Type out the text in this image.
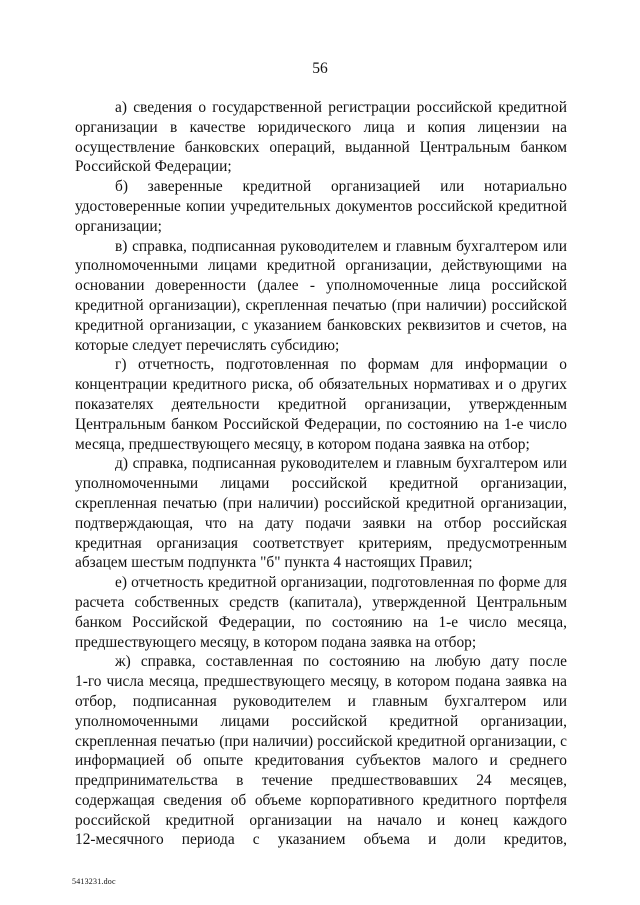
56
а) сведения о государственной регистрации российской кредитной
организации в качестве юридического лица и копия лицензии на
осуществление банковских операций, выданной Центральным банком
Российской Федерации;
б) заверенные кредитной организацией или нотариально
удостоверенные копии учредительных документов российской кредитной
организации;
в) справка, подписанная руководителем и главным бухгалтером или
уполномоченными лицами кредитной организации, действующими на
основании доверенности (далее - уполномоченные лица российской
кредитной организации), скрепленная печатью (при наличии) российской
кредитной организации, с указанием банковских реквизитов и счетов, на
которые следует перечислять субсидию;
г) отчетность, подготовленная по формам для информации о
концентрации кредитного риска, об обязательных нормативах и о других
показателях деятельности кредитной организации, утвержденным
Центральным банком Российской Федерации, по состоянию на 1-е число
месяца, предшествующего месяцу, в котором подана заявка на отбор;
д) справка, подписанная руководителем и главным бухгалтером или
уполномоченными лицами российской кредитной организации,
скрепленная печатью (при наличии) российской кредитной организации,
подтверждающая, что на дату подачи заявки на отбор российская
кредитная организация соответствует критериям, предусмотренным
абзацем шестым подпункта "б" пункта 4 настоящих Правил;
е) отчетность кредитной организации, подготовленная по форме для
расчета собственных средств (капитала), утвержденной Центральным
банком Российской Федерации, по состоянию на 1-е число месяца,
предшествующего месяцу, в котором подана заявка на отбор;
ж) справка, составленная по состоянию на любую дату после
1-го числа месяца, предшествующего месяцу, в котором подана заявка на
отбор, подписанная руководителем и главным бухгалтером или
уполномоченными лицами российской кредитной организации,
скрепленная печатью (при наличии) российской кредитной организации, с
информацией об опыте кредитования субъектов малого и среднего
предпринимательства в течение предшествовавших 24 месяцев,
содержащая сведения об объеме корпоративного кредитного портфеля
российской кредитной организации на начало и конец каждого
12-месячного периода с указанием объема и доли кредитов,
5413231.doc
